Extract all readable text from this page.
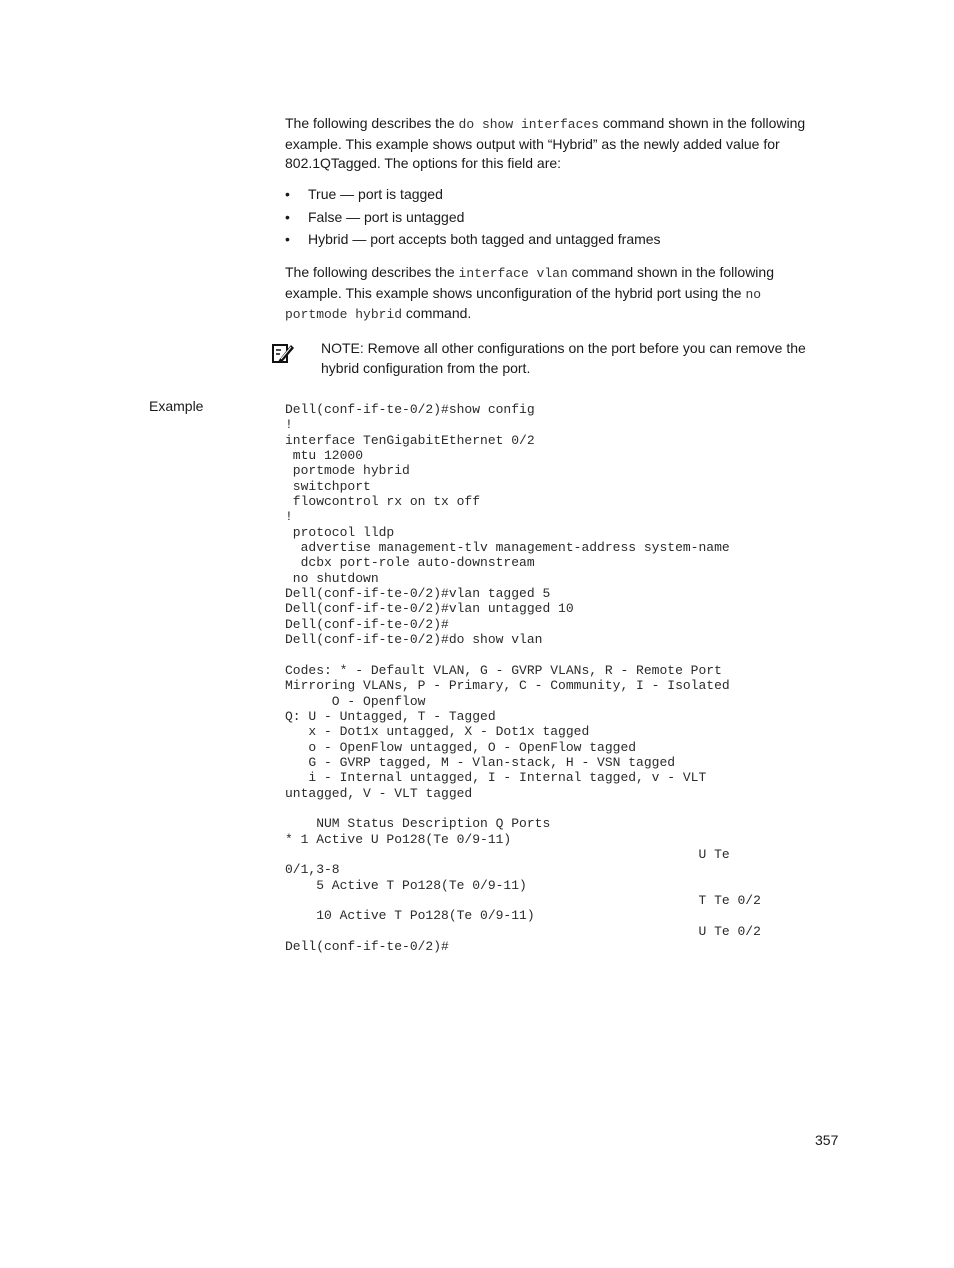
The following describes the do show interfaces command shown in the following example. This example shows output with “Hybrid” as the newly added value for 802.1QTagged. The options for this field are:

• True — port is tagged
• False — port is untagged
• Hybrid — port accepts both tagged and untagged frames

The following describes the interface vlan command shown in the following example. This example shows unconfiguration of the hybrid port using the no portmode hybrid command.

NOTE: Remove all other configurations on the port before you can remove the hybrid configuration from the port.

Example	Dell(conf-if-te-0/2)#show config
!
interface TenGigabitEthernet 0/2
mtu 12000
portmode hybrid
switchport
flowcontrol rx on tx off
!
protocol lldp
advertise management-tlv management-address system-name
dcbx port-role auto-downstream
no shutdown
Dell(conf-if-te-0/2)#vlan tagged 5
Dell(conf-if-te-0/2)#vlan untagged 10
Dell(conf-if-te-0/2)#
Dell(conf-if-te-0/2)#do show vlan

Codes: * - Default VLAN, G - GVRP VLANs, R - Remote Port
Mirroring VLANs, P - Primary, C - Community, I - Isolated
O - Openflow
Q: U - Untagged, T - Tagged
x - Dot1x untagged, X - Dot1x tagged
o - OpenFlow untagged, O - OpenFlow tagged
G - GVRP tagged, M - Vlan-stack, H - VSN tagged
i - Internal untagged, I - Internal tagged, v - VLT
untagged, V - VLT tagged

NUM Status Description Q Ports
* 1 Active U Po128(Te 0/9-11)
U Te
0/1,3-8
5 Active T Po128(Te 0/9-11)
T Te 0/2
10 Active T Po128(Te 0/9-11)
U Te 0/2
Dell(conf-if-te-0/2)#

357
